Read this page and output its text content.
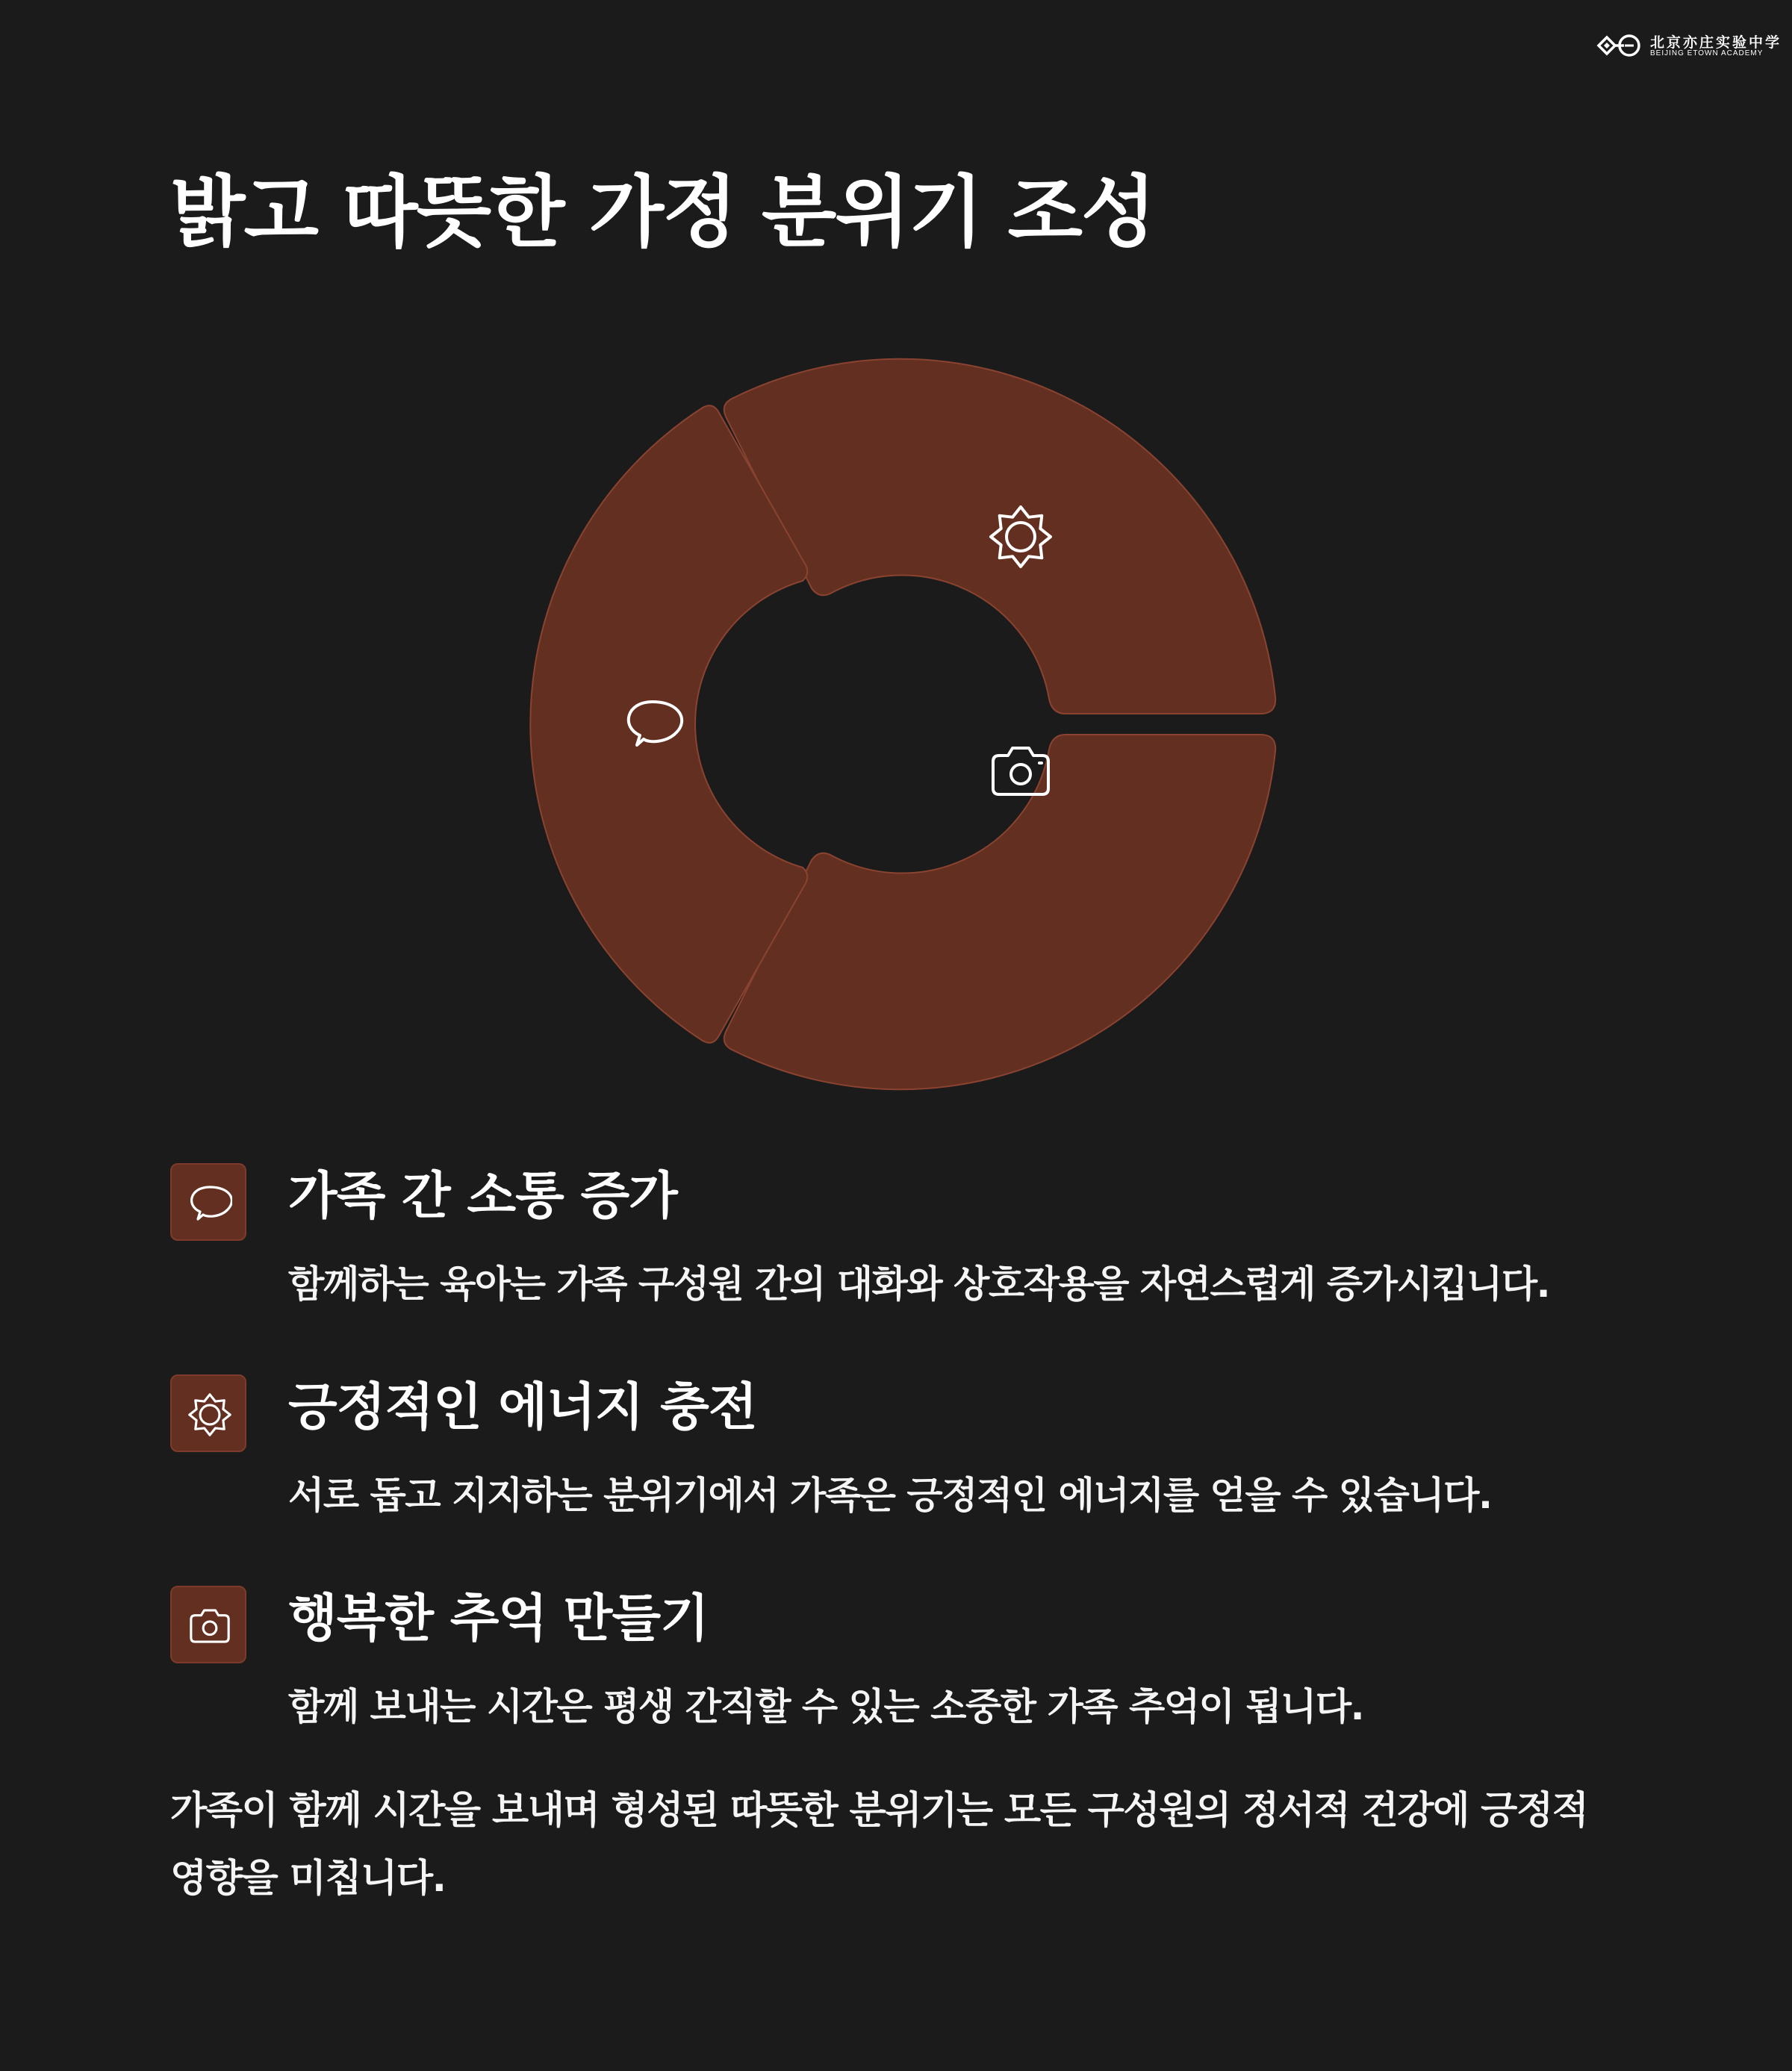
北京亦庄实验中学
BEIJING ETOWN ACADEMY
밝고 따뜻한 가정 분위기 조성
가족 간 소통 증가

함께하는 육아는 가족 구성원 간의 대화와 상호작용을 자연스럽게 증가시킵니다.

긍정적인 에너지 충전

서로 돕고 지지하는 분위기에서 가족은 긍정적인 에너지를 얻을 수 있습니다.

행복한 추억 만들기

함께 보내는 시간은 평생 간직할 수 있는 소중한 가족 추억이 됩니다.

가족이 함께 시간을 보내며 형성된 따뜻한 분위기는 모든 구성원의 정서적 건강에 긍정적 영향을 미칩니다.
